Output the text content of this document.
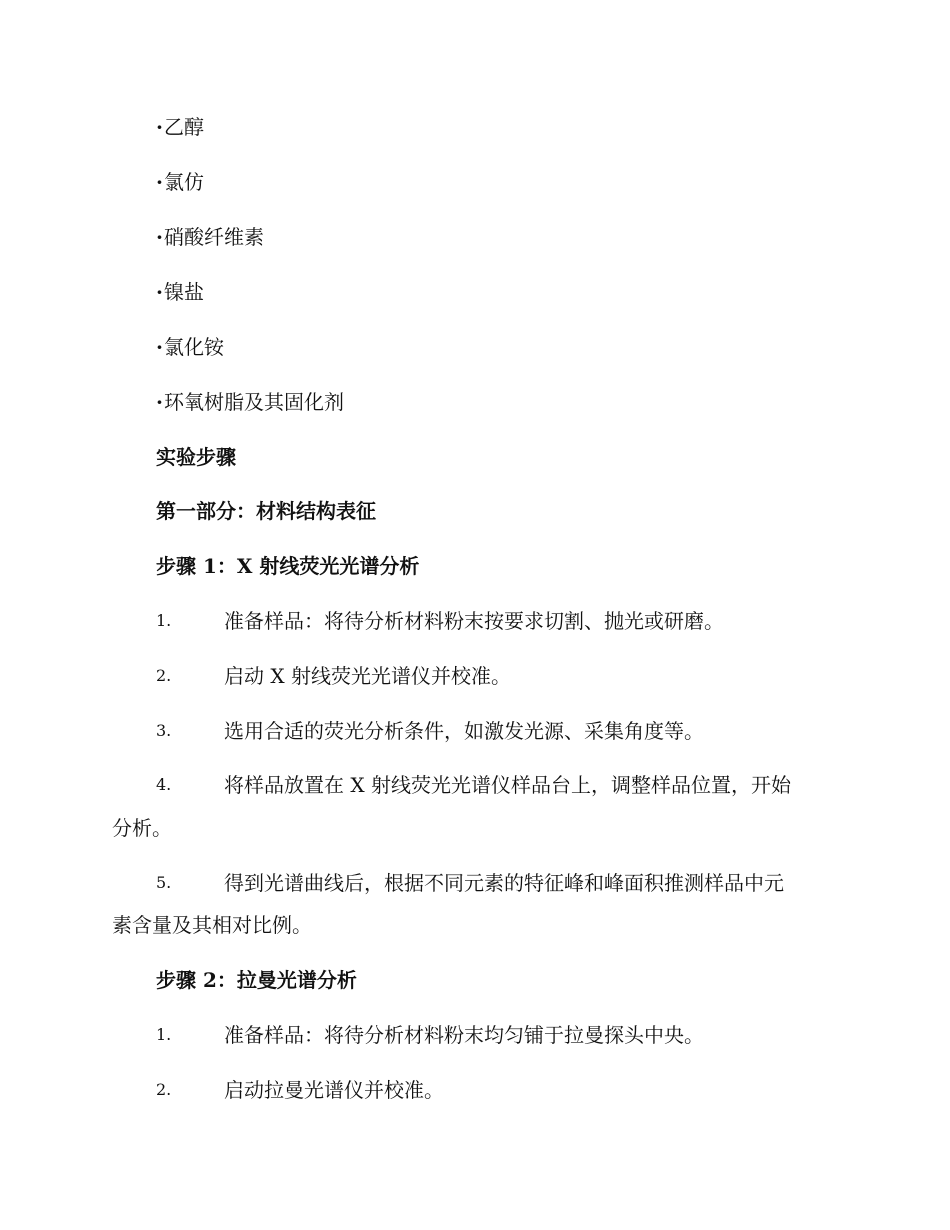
·乙醇
·氯仿
·硝酸纤维素
·镍盐
·氯化铵
·环氧树脂及其固化剂
实验步骤
第一部分：材料结构表征
步骤 1：X 射线荧光光谱分析
1.	准备样品：将待分析材料粉末按要求切割、抛光或研磨。
2.	启动 X 射线荧光光谱仪并校准。
3.	选用合适的荧光分析条件，如激发光源、采集角度等。
4.	将样品放置在 X 射线荧光光谱仪样品台上，调整样品位置，开始
分析。
5.	得到光谱曲线后，根据不同元素的特征峰和峰面积推测样品中元
素含量及其相对比例。
步骤 2：拉曼光谱分析
1.	准备样品：将待分析材料粉末均匀铺于拉曼探头中央。
2.	启动拉曼光谱仪并校准。
